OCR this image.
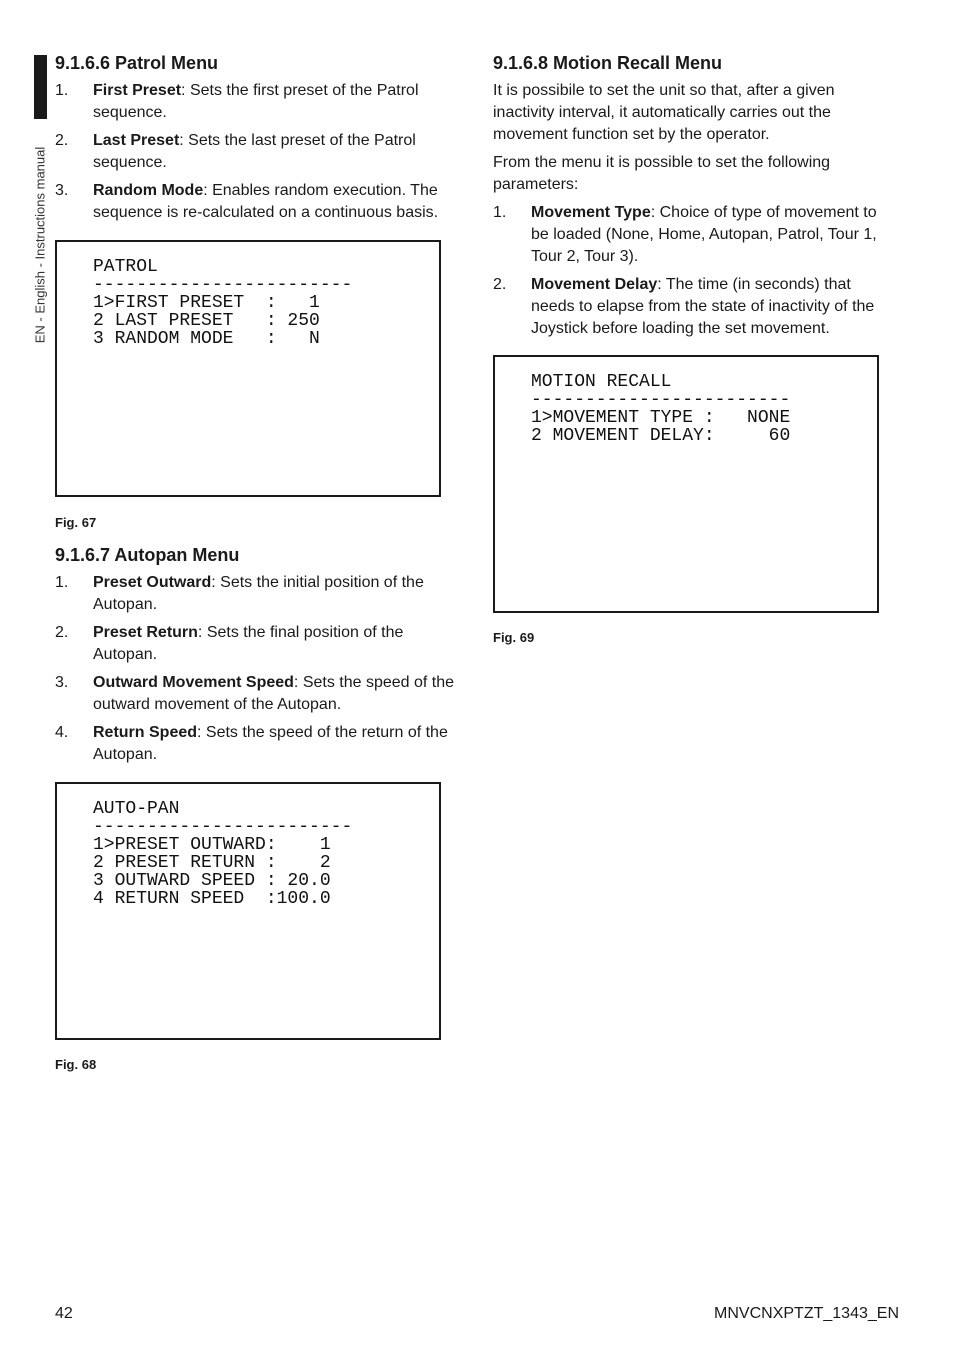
EN - English - Instructions manual
9.1.6.6 Patrol Menu
1. First Preset: Sets the first preset of the Patrol sequence.
2. Last Preset: Sets the last preset of the Patrol sequence.
3. Random Mode: Enables random execution. The sequence is re-calculated on a continuous basis.
PATROL
------------------------
1>FIRST PRESET  :   1
2 LAST PRESET   : 250
3 RANDOM MODE   :   N
Fig. 67
9.1.6.7 Autopan Menu
1. Preset Outward: Sets the initial position of the Autopan.
2. Preset Return: Sets the final position of the Autopan.
3. Outward Movement Speed: Sets the speed of the outward movement of the Autopan.
4. Return Speed: Sets the speed of the return of the Autopan.
AUTO-PAN
------------------------
1>PRESET OUTWARD:    1
2 PRESET RETURN :    2
3 OUTWARD SPEED : 20.0
4 RETURN SPEED  :100.0
Fig. 68
9.1.6.8 Motion Recall Menu

It is possibile to set the unit so that, after a given inactivity interval, it automatically carries out the movement function set by the operator.

From the menu it is possible to set the following parameters:

1. Movement Type: Choice of type of movement to be loaded (None, Home, Autopan, Patrol, Tour 1, Tour 2, Tour 3).
2. Movement Delay: The time (in seconds) that needs to elapse from the state of inactivity of the Joystick before loading the set movement.
MOTION RECALL
------------------------
1>MOVEMENT TYPE :   NONE
2 MOVEMENT DELAY:     60
Fig. 69
42	MNVCNXPTZT_1343_EN
